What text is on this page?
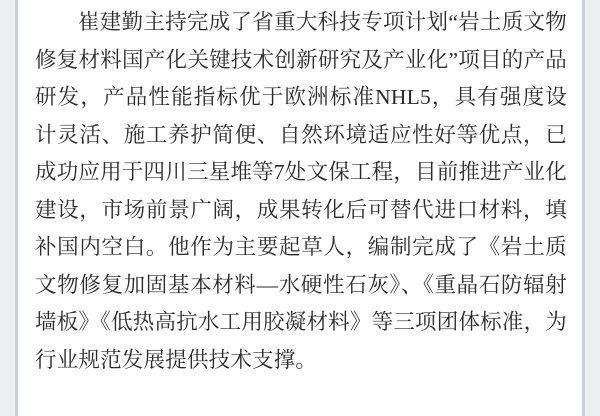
崔建勤主持完成了省重大科技专项计划“岩土质文物修复材料国产化关键技术创新研究及产业化”项目的产品研发，产品性能指标优于欧洲标准NHL5，具有强度设计灵活、施工养护简便、自然环境适应性好等优点，已成功应用于四川三星堆等7处文保工程，目前推进产业化建设，市场前景广阔，成果转化后可替代进口材料，填补国内空白。他作为主要起草人，编制完成了《岩土质文物修复加固基本材料—水硬性石灰》、《重晶石防辐射墙板》《低热高抗水工用胶凝材料》等三项团体标准，为行业规范发展提供技术支撑。
